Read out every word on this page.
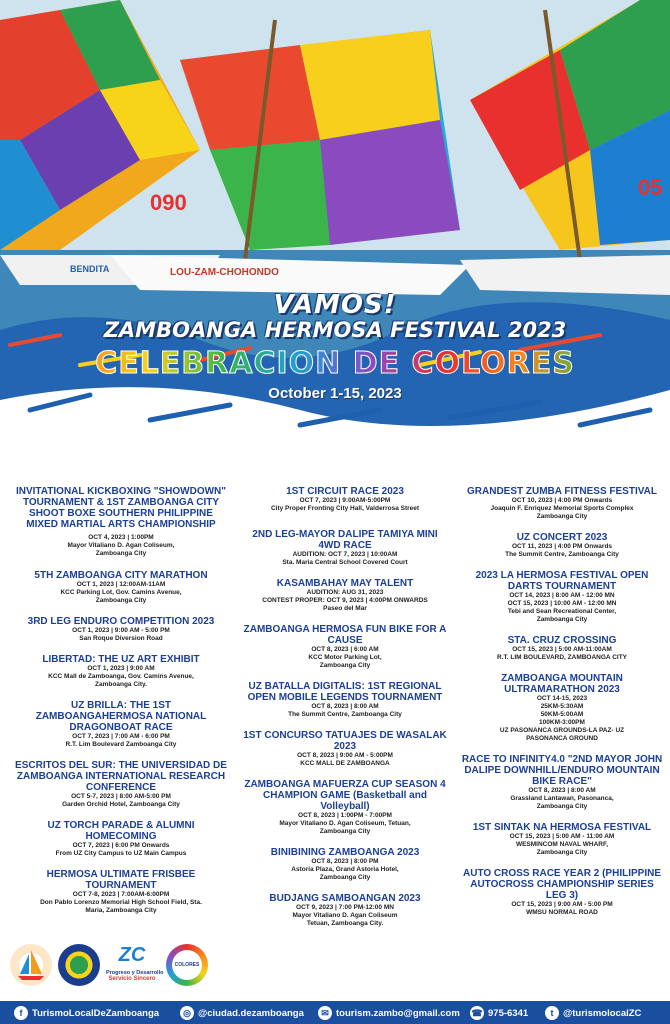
LOU-ZAM-CHOHONDO
BENDITA
090
05
VAMOS!
ZAMBOANGA HERMOSA FESTIVAL 2023
CELEBRACION DE COLORES
October 1-15, 2023
INVITATIONAL KICKBOXING "SHOWDOWN" TOURNAMENT & 1ST ZAMBOANGA CITY SHOOT BOXE SOUTHERN PHILIPPINE MIXED MARTIAL ARTS CHAMPIONSHIP
OCT 4, 2023 | 1:00PM
Mayor Vitaliano D. Agan Coliseum,
Zamboanga City
5TH ZAMBOANGA CITY MARATHON
OCT 1, 2023 | 12:00AM-11AM
KCC Parking Lot, Gov. Camins Avenue,
Zamboanga City
3RD LEG ENDURO COMPETITION 2023
OCT 1, 2023 | 9:00 AM - 5:00 PM
San Roque Diversion Road
LIBERTAD: THE UZ ART EXHIBIT
OCT 1, 2023 | 9:00 AM
KCC Mall de Zamboanga, Gov. Camins Avenue,
Zamboanga City.
UZ BRILLA: THE 1ST ZAMBOANGAHERMOSA NATIONAL DRAGONBOAT RACE
OCT 7, 2023 | 7:00 AM - 6:00 PM
R.T. Lim Boulevard Zamboanga City
ESCRITOS DEL SUR: THE UNIVERSIDAD DE ZAMBOANGA INTERNATIONAL RESEARCH CONFERENCE
OCT 5-7, 2023 | 8:00 AM-5:00 PM
Garden Orchid Hotel, Zamboanga City
UZ TORCH PARADE & ALUMNI HOMECOMING
OCT 7, 2023 | 6:00 PM Onwards
From UZ City Campus to UZ Main Campus
HERMOSA ULTIMATE FRISBEE TOURNAMENT
OCT 7-8, 2023 | 7:00AM-6:00PM
Don Pablo Lorenzo Memorial High School Field, Sta.
Maria, Zamboanga City
1ST CIRCUIT RACE 2023
OCT 7, 2023 | 9:00AM-5:00PM
City Proper Fronting City Hall, Valderrosa Street
2ND LEG-MAYOR DALIPE TAMIYA MINI 4WD RACE
AUDITION: OCT 7, 2023 | 10:00AM
Sta. Maria Central School Covered Court
KASAMBAHAY MAY TALENT
AUDITION: AUG 31, 2023
CONTEST PROPER: OCT 9, 2023 | 4:00PM ONWARDS
Paseo del Mar
ZAMBOANGA HERMOSA FUN BIKE FOR A CAUSE
OCT 8, 2023 | 6:00 AM
KCC Motor Parking Lot,
Zamboanga City
UZ BATALLA DIGITALIS: 1ST REGIONAL OPEN MOBILE LEGENDS TOURNAMENT
OCT 8, 2023 | 8:00 AM
The Summit Centre, Zamboanga City
1ST CONCURSO TATUAJES DE WASALAK 2023
OCT 8, 2023 | 9:00 AM - 5:00PM
KCC MALL DE ZAMBOANGA
ZAMBOANGA MAFUERZA CUP SEASON 4 CHAMPION GAME (Basketball and Volleyball)
OCT 8, 2023 | 1:00PM - 7:00PM
Mayor Vitaliano D. Agan Coliseum, Tetuan,
Zamboanga City
BINIBINING ZAMBOANGA 2023
OCT 8, 2023 | 8:00 PM
Astoria Plaza, Grand Astoria Hotel,
Zamboanga City
BUDJANG SAMBOANGAN 2023
OCT 9, 2023 | 7:00 PM-12:00 MN
Mayor Vitaliano D. Agan Coliseum
Tetuan, Zamboanga City.
GRANDEST ZUMBA FITNESS FESTIVAL
OCT 10, 2023 | 4:00 PM Onwards
Joaquin F. Enriquez Memorial Sports Complex
Zamboanga City
UZ CONCERT 2023
OCT 11, 2023 | 4:00 PM Onwards
The Summit Centre, Zamboanga City
2023 LA HERMOSA FESTIVAL OPEN DARTS TOURNAMENT
OCT 14, 2023 | 8:00 AM - 12:00 MN
OCT 15, 2023 | 10:00 AM - 12:00 MN
Tebi and Sean Recreational Center,
Zamboanga City
STA. CRUZ CROSSING
OCT 15, 2023 | 5:00 AM-11:00AM
R.T. LIM BOULEVARD, ZAMBOANGA CITY
ZAMBOANGA MOUNTAIN ULTRAMARATHON 2023
OCT 14-15, 2023
25KM-5:30AM
50KM-5:00AM
100KM-3:00PM
UZ PASONANCA GROUNDS-LA PAZ- UZ
PASONANCA GROUND
RACE TO INFINITY4.0 "2ND MAYOR JOHN DALIPE DOWNHILL/ENDURO MOUNTAIN BIKE RACE"
OCT 8, 2023 | 8:00 AM
Grassland Lantawan, Pasonanca,
Zamboanga City
1ST SINTAK NA HERMOSA FESTIVAL
OCT 15, 2023 | 5:00 AM - 11:00 AM
WESMINCOM NAVAL WHARF,
Zamboanga City
AUTO CROSS RACE YEAR 2 (PHILIPPINE AUTOCROSS CHAMPIONSHIP SERIES LEG 3)
OCT 15, 2023 | 9:00 AM - 5:00 PM
WMSU NORMAL ROAD
ZC
Progreso y Desarrollo
Servicio Sincero
COLORES
f	TurismoLocalDeZamboanga	◎ @ciudad.dezamboanga	✉ tourism.zambo@gmail.com ☎ 975-6341	t	@turismolocalZC
